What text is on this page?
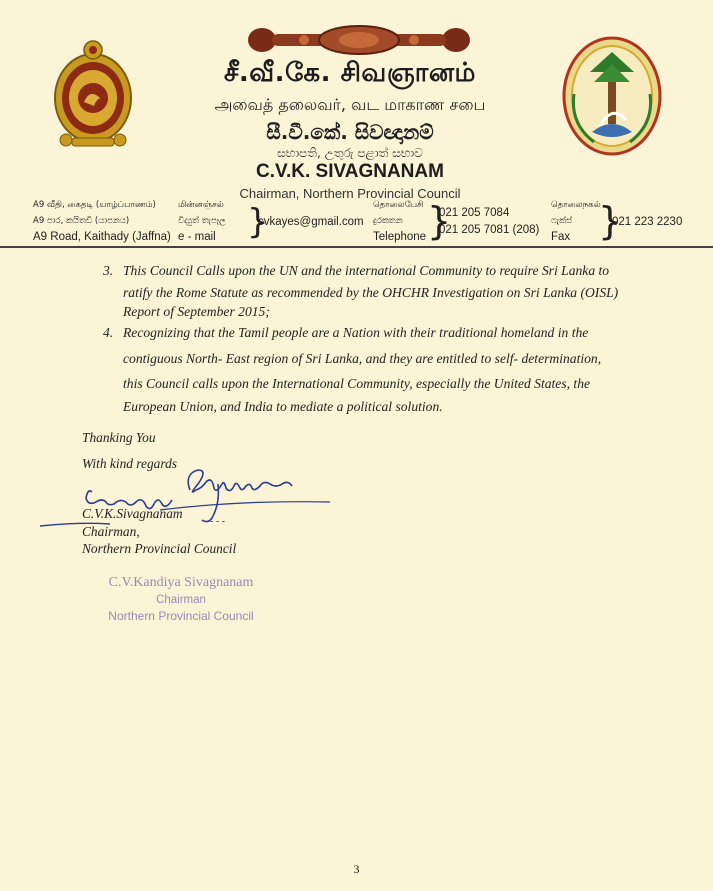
சீ.வீ.கே. சிவஞானம்
அவைத் தலைவர், வட மாகாண சபை
සී.වී.කේ. සිවඥානම්
සභාපති, උතුරු පළාත් සභාව
C.V.K. SIVAGNANAM
Chairman, Northern Provincial Council
A9 வீதி, கைதடி (யாழ்ப்பாணம்)
A9 පාර, කයිතඩි (යාපනය)
A9 Road, Kaithady (Jaffna)
மின்னஞ்சல்
විද්‍යුත් තැපෑල
e - mail }
cvkayes@gmail.com
தொலைபேசி
දුරකතන
Telephone }
021 205 7084
021 205 7081 (208)
தொலைநகல்
ෆැක්ස්
Fax }
021 223 2230
3. This Council Calls upon the UN and the international Community to require Sri Lanka to
ratify the Rome Statute as recommended by the OHCHR Investigation on Sri Lanka (OISL)
Report of September 2015;
4. Recognizing that the Tamil people are a Nation with their traditional homeland in the
contiguous North- East region of Sri Lanka, and they are entitled to self- determination,
this Council calls upon the International Community, especially the United States, the
European Union, and India to mediate a political solution.
Thanking You
With kind regards
- - -
C.V.K.Sivagnanam
Chairman,
Northern Provincial Council
C.V.Kandiya Sivagnanam
Chairman
Northern Provincial Council
3
